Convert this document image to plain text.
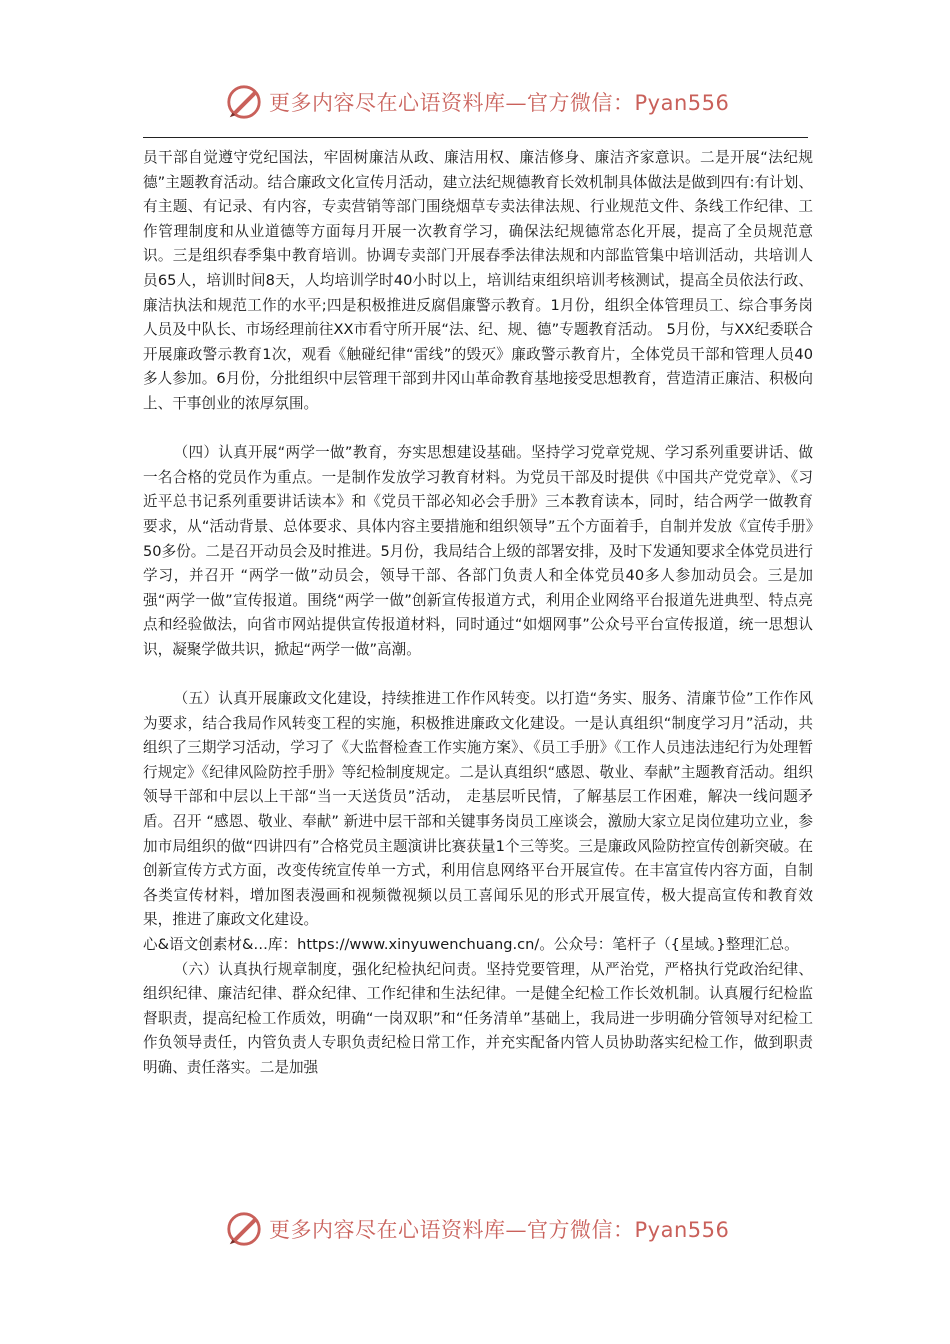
更多内容尽在心语资料库—官方微信：Pyan556

员干部自觉遵守党纪国法，牢固树廉洁从政、廉洁用权、廉洁修身、廉洁齐家意识。二是开展“法纪规德”主题教育活动。结合廉政文化宣传月活动，建立法纪规德教育长效机制具体做法是做到四有:有计划、有主题、有记录、有内容，专卖营销等部门围绕烟草专卖法律法规、行业规范文件、条线工作纪律、工作管理制度和从业道德等方面每月开展一次教育学习，确保法纪规德常态化开展，提高了全员规范意识。三是组织春季集中教育培训。协调专卖部门开展春季法律法规和内部监管集中培训活动，共培训人员65人，培训时间8天，人均培训学时40小时以上，培训结束组织培训考核测试，提高全员依法行政、廉洁执法和规范工作的水平;四是积极推进反腐倡廉警示教育。1月份，组织全体管理员工、综合事务岗人员及中队长、市场经理前往XX市看守所开展“法、纪、规、德”专题教育活动。 5月份，与XX纪委联合开展廉政警示教育1次，观看《触碰纪律“雷线”的毁灭》廉政警示教育片，全体党员干部和管理人员40多人参加。6月份，分批组织中层管理干部到井冈山革命教育基地接受思想教育，营造清正廉洁、积极向上、干事创业的浓厚氛围。

（四）认真开展“两学一做”教育，夯实思想建设基础。坚持学习党章党规、学习系列重要讲话、做一名合格的党员作为重点。一是制作发放学习教育材料。为党员干部及时提供《中国共产党党章》、《习近平总书记系列重要讲话读本》和《党员干部必知必会手册》三本教育读本，同时，结合两学一做教育要求，从“活动背景、总体要求、具体内容主要措施和组织领导”五个方面着手，自制并发放《宣传手册》50多份。二是召开动员会及时推进。5月份，我局结合上级的部署安排，及时下发通知要求全体党员进行学习，并召开 “两学一做”动员会，领导干部、各部门负责人和全体党员40多人参加动员会。三是加强“两学一做”宣传报道。围绕“两学一做”创新宣传报道方式，利用企业网络平台报道先进典型、特点亮点和经验做法，向省市网站提供宣传报道材料，同时通过“如烟网事”公众号平台宣传报道，统一思想认识，凝聚学做共识，掀起“两学一做”高潮。

（五）认真开展廉政文化建设，持续推进工作作风转变。以打造“务实、服务、清廉节俭”工作作风为要求，结合我局作风转变工程的实施，积极推进廉政文化建设。一是认真组织“制度学习月”活动，共组织了三期学习活动，学习了《大监督检查工作实施方案》、《员工手册》《工作人员违法违纪行为处理暂行规定》《纪律风险防控手册》等纪检制度规定。二是认真组织“感恩、敬业、奉献”主题教育活动。组织领导干部和中层以上干部“当一天送货员”活动， 走基层听民情，了解基层工作困难，解决一线问题矛盾。召开 “感恩、敬业、奉献” 新进中层干部和关键事务岗员工座谈会，激励大家立足岗位建功立业，参加市局组织的做“四讲四有”合格党员主题演讲比赛获量1个三等奖。三是廉政风险防控宣传创新突破。在创新宣传方式方面，改变传统宣传单一方式，利用信息网络平台开展宣传。在丰富宣传内容方面，自制各类宣传材料，增加图表漫画和视频微视频以员工喜闻乐见的形式开展宣传，极大提高宣传和教育效果，推进了廉政文化建设。

心&语文创素材&…库：https://www.xinyuwenchuang.cn/。公众号：笔杆子（{星域。}整理汇总。

（六）认真执行规章制度，强化纪检执纪问责。坚持党要管理，从严治党，严格执行党政治纪律、组织纪律、廉洁纪律、群众纪律、工作纪律和生法纪律。一是健全纪检工作长效机制。认真履行纪检监督职责，提高纪检工作质效，明确“一岗双职”和“任务清单”基础上，我局进一步明确分管领导对纪检工作负领导责任，内管负责人专职负责纪检日常工作，并充实配备内管人员协助落实纪检工作，做到职责明确、责任落实。二是加强

更多内容尽在心语资料库—官方微信：Pyan556
